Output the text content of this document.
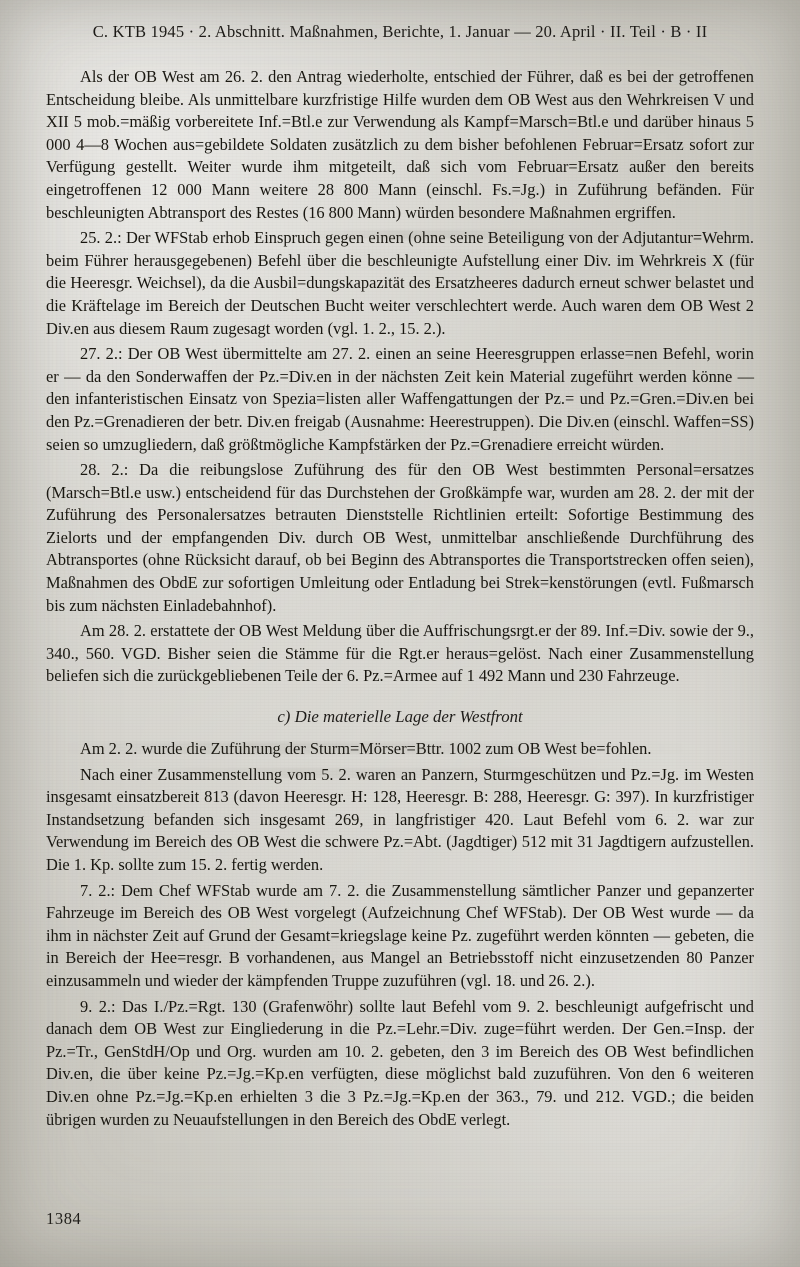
C. KTB 1945 · 2. Abschnitt. Maßnahmen, Berichte, 1. Januar — 20. April · II. Teil · B · II

Als der OB West am 26. 2. den Antrag wiederholte, entschied der Führer, daß es bei der getroffenen Entscheidung bleibe. Als unmittelbare kurzfristige Hilfe wurden dem OB West aus den Wehrkreisen V und XII 5 mob.=mäßig vorbereitete Inf.=Btl.e zur Verwendung als Kampf=Marsch=Btl.e und darüber hinaus 5 000 4—8 Wochen aus=gebildete Soldaten zusätzlich zu dem bisher befohlenen Februar=Ersatz sofort zur Verfügung gestellt. Weiter wurde ihm mitgeteilt, daß sich vom Februar=Ersatz außer den bereits eingetroffenen 12 000 Mann weitere 28 800 Mann (einschl. Fs.=Jg.) in Zuführung befänden. Für beschleunigten Abtransport des Restes (16 800 Mann) würden besondere Maßnahmen ergriffen.

25. 2.: Der WFStab erhob Einspruch gegen einen (ohne seine Beteiligung von der Adjutantur=Wehrm. beim Führer herausgegebenen) Befehl über die beschleunigte Aufstellung einer Div. im Wehrkreis X (für die Heeresgr. Weichsel), da die Ausbil=dungskapazität des Ersatzheeres dadurch erneut schwer belastet und die Kräftelage im Bereich der Deutschen Bucht weiter verschlechtert werde. Auch waren dem OB West 2 Div.en aus diesem Raum zugesagt worden (vgl. 1. 2., 15. 2.).

27. 2.: Der OB West übermittelte am 27. 2. einen an seine Heeresgruppen erlasse=nen Befehl, worin er — da den Sonderwaffen der Pz.=Div.en in der nächsten Zeit kein Material zugeführt werden könne — den infanteristischen Einsatz von Spezia=listen aller Waffengattungen der Pz.= und Pz.=Gren.=Div.en bei den Pz.=Grenadieren der betr. Div.en freigab (Ausnahme: Heerestruppen). Die Div.en (einschl. Waffen=SS) seien so umzugliedern, daß größtmögliche Kampfstärken der Pz.=Grenadiere erreicht würden.

28. 2.: Da die reibungslose Zuführung des für den OB West bestimmten Personal=ersatzes (Marsch=Btl.e usw.) entscheidend für das Durchstehen der Großkämpfe war, wurden am 28. 2. der mit der Zuführung des Personalersatzes betrauten Dienststelle Richtlinien erteilt: Sofortige Bestimmung des Zielorts und der empfangenden Div. durch OB West, unmittelbar anschließende Durchführung des Abtransportes (ohne Rücksicht darauf, ob bei Beginn des Abtransportes die Transportstrecken offen seien), Maßnahmen des ObdE zur sofortigen Umleitung oder Entladung bei Strek=kenstörungen (evtl. Fußmarsch bis zum nächsten Einladebahnhof).

Am 28. 2. erstattete der OB West Meldung über die Auffrischungsrgt.er der 89. Inf.=Div. sowie der 9., 340., 560. VGD. Bisher seien die Stämme für die Rgt.er heraus=gelöst. Nach einer Zusammenstellung beliefen sich die zurückgebliebenen Teile der 6. Pz.=Armee auf 1 492 Mann und 230 Fahrzeuge.

c) Die materielle Lage der Westfront

Am 2. 2. wurde die Zuführung der Sturm=Mörser=Bttr. 1002 zum OB West be=fohlen.

Nach einer Zusammenstellung vom 5. 2. waren an Panzern, Sturmgeschützen und Pz.=Jg. im Westen insgesamt einsatzbereit 813 (davon Heeresgr. H: 128, Heeresgr. B: 288, Heeresgr. G: 397). In kurzfristiger Instandsetzung befanden sich insgesamt 269, in langfristiger 420. Laut Befehl vom 6. 2. war zur Verwendung im Bereich des OB West die schwere Pz.=Abt. (Jagdtiger) 512 mit 31 Jagdtigern aufzustellen. Die 1. Kp. sollte zum 15. 2. fertig werden.

7. 2.: Dem Chef WFStab wurde am 7. 2. die Zusammenstellung sämtlicher Panzer und gepanzerter Fahrzeuge im Bereich des OB West vorgelegt (Aufzeichnung Chef WFStab). Der OB West wurde — da ihm in nächster Zeit auf Grund der Gesamt=kriegslage keine Pz. zugeführt werden könnten — gebeten, die in Bereich der Hee=resgr. B vorhandenen, aus Mangel an Betriebsstoff nicht einzusetzenden 80 Panzer einzusammeln und wieder der kämpfenden Truppe zuzuführen (vgl. 18. und 26. 2.).

9. 2.: Das I./Pz.=Rgt. 130 (Grafenwöhr) sollte laut Befehl vom 9. 2. beschleunigt aufgefrischt und danach dem OB West zur Eingliederung in die Pz.=Lehr.=Div. zuge=führt werden. Der Gen.=Insp. der Pz.=Tr., GenStdH/Op und Org. wurden am 10. 2. gebeten, den 3 im Bereich des OB West befindlichen Div.en, die über keine Pz.=Jg.=Kp.en verfügten, diese möglichst bald zuzuführen. Von den 6 weiteren Div.en ohne Pz.=Jg.=Kp.en erhielten 3 die 3 Pz.=Jg.=Kp.en der 363., 79. und 212. VGD.; die beiden übrigen wurden zu Neuaufstellungen in den Bereich des ObdE verlegt.

1384
